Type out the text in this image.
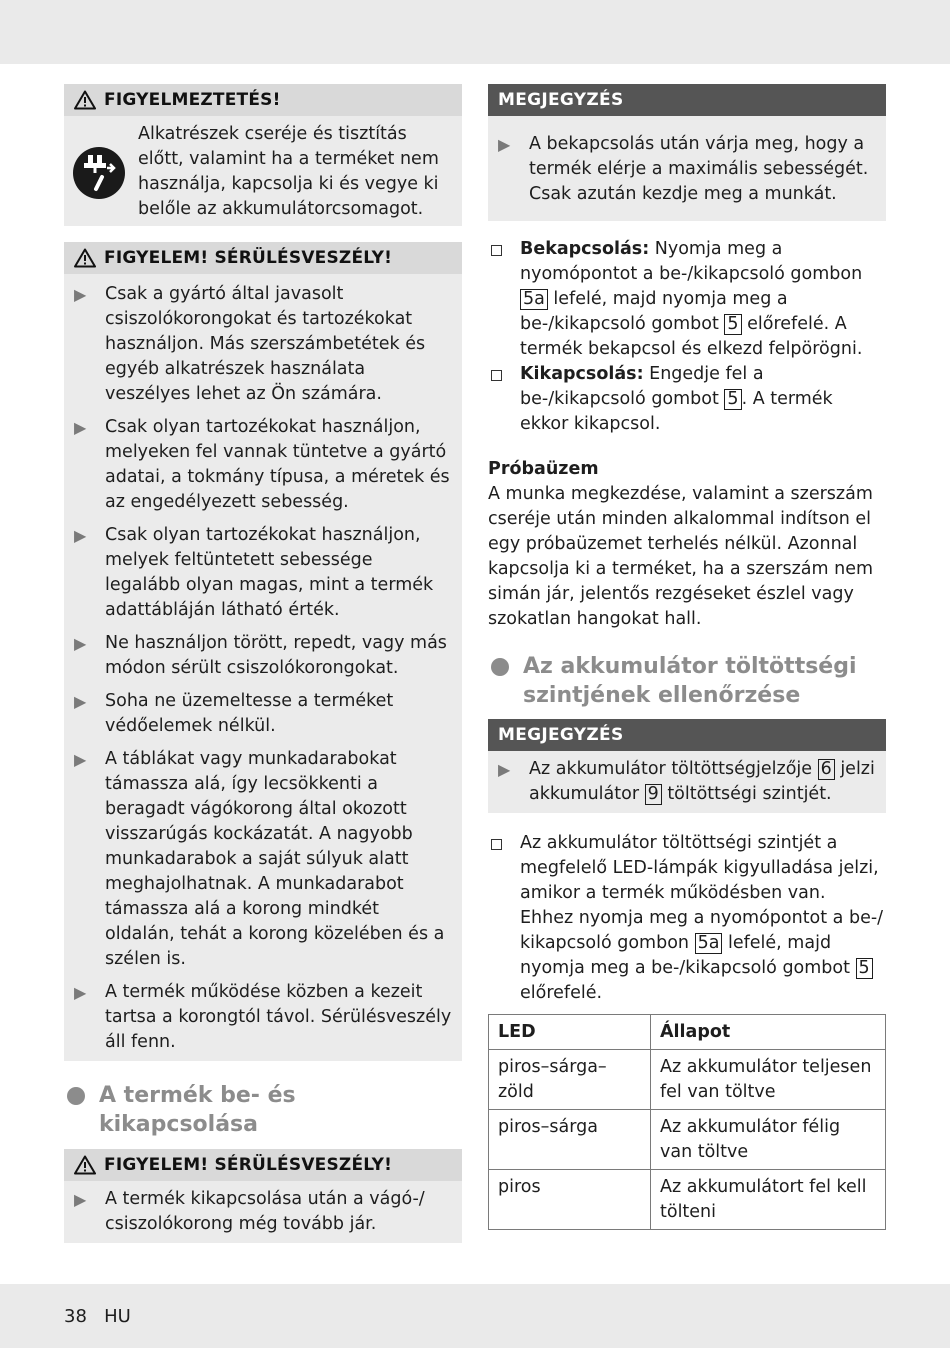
FIGYELMEZTETÉS!
Alkatrészek cseréje és tisztítás előtt, valamint ha a terméket nem használja, kapcsolja ki és vegye ki belőle az akkumulátorcsomagot.
FIGYELEM! SÉRÜLÉSVESZÉLY!
▶	Csak a gyártó által javasolt csiszolókorongokat és tartozékokat használjon. Más szerszámbetétek és egyéb alkatrészek használata veszélyes lehet az Ön számára.
▶	Csak olyan tartozékokat használjon, melyeken fel vannak tüntetve a gyártó adatai, a tokmány típusa, a méretek és az engedélyezett sebesség.
▶	Csak olyan tartozékokat használjon, melyek feltüntetett sebessége legalább olyan magas, mint a termék adattábláján látható érték.
▶	Ne használjon törött, repedt, vagy más módon sérült csiszolókorongokat.
▶	Soha ne üzemeltesse a terméket védőelemek nélkül.
▶	A táblákat vagy munkadarabokat támassza alá, így lecsökkenti a beragadt vágókorong által okozott visszarúgás kockázatát. A nagyobb munkadarabok a saját súlyuk alatt meghajolhatnak. A munkadarabot támassza alá a korong mindkét oldalán, tehát a korong közelében és a szélen is.
▶	A termék működése közben a kezeit tartsa a korongtól távol. Sérülésveszély áll fenn.
A termék be- és kikapcsolása
FIGYELEM! SÉRÜLÉSVESZÉLY!
▶	A termék kikapcsolása után a vágó-/ csiszolókorong még tovább jár.
MEGJEGYZÉS
▶	A bekapcsolás után várja meg, hogy a termék elérje a maximális sebességét. Csak azután kezdje meg a munkát.
Bekapcsolás: Nyomja meg a nyomópontot a be-/kikapcsoló gombon 5a lefelé, majd nyomja meg a be-/kikapcsoló gombot 5 előrefelé. A termék bekapcsol és elkezd felpörögni.
Kikapcsolás: Engedje fel a be-/kikapcsoló gombot 5 . A termék ekkor kikapcsol.
Próbaüzem
A munka megkezdése, valamint a szerszám cseréje után minden alkalommal indítson el egy próbaüzemet terhelés nélkül. Azonnal kapcsolja ki a terméket, ha a szerszám nem simán jár, jelentős rezgéseket észlel vagy szokatlan hangokat hall.
Az akkumulátor töltöttségi szintjének ellenőrzése
MEGJEGYZÉS
▶	Az akkumulátor töltöttségjelzője 6 jelzi akkumulátor 9 töltöttségi szintjét.
Az akkumulátor töltöttségi szintjét a megfelelő LED-lámpák kigyulladása jelzi, amikor a termék működésben van.
Ehhez nyomja meg a nyomópontot a be-/ kikapcsoló gombon 5a lefelé, majd nyomja meg a be-/kikapcsoló gombot 5 előrefelé.
LED	Állapot
piros–sárga–zöld	Az akkumulátor teljesen fel van töltve
piros–sárga	Az akkumulátor félig van töltve
piros	Az akkumulátort fel kell tölteni
38 HU
